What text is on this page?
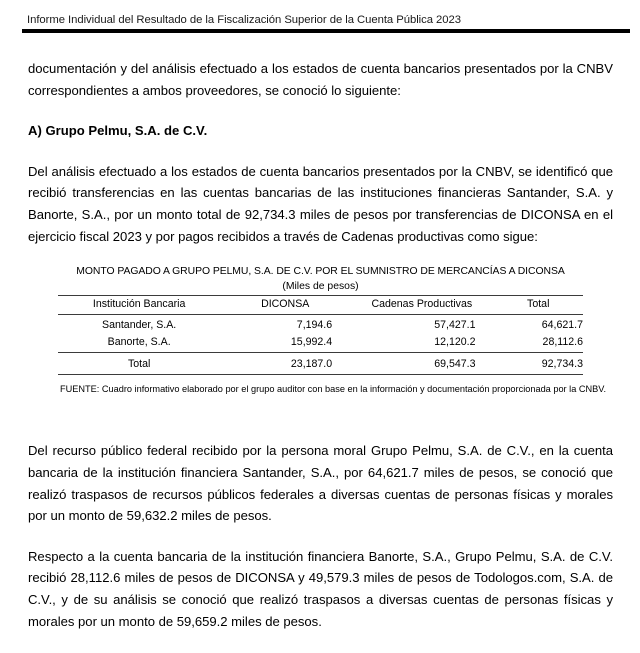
Informe Individual del Resultado de la Fiscalización Superior de la Cuenta Pública 2023

documentación y del análisis efectuado a los estados de cuenta bancarios presentados por la CNBV correspondientes a ambos proveedores, se conoció lo siguiente:

A) Grupo Pelmu, S.A. de C.V.

Del análisis efectuado a los estados de cuenta bancarios presentados por la CNBV, se identificó que recibió transferencias en las cuentas bancarias de las instituciones financieras Santander, S.A. y Banorte, S.A., por un monto total de 92,734.3 miles de pesos por transferencias de DICONSA en el ejercicio fiscal 2023 y por pagos recibidos a través de Cadenas productivas como sigue:

MONTO PAGADO A GRUPO PELMU, S.A. DE C.V. POR EL SUMNISTRO DE MERCANCÍAS A DICONSA
(Miles de pesos)
Institución Bancaria	DICONSA	Cadenas Productivas	Total
Santander, S.A.	7,194.6	57,427.1	64,621.7
Banorte, S.A.	15,992.4	12,120.2	28,112.6
Total	23,187.0	69,547.3	92,734.3
FUENTE: Cuadro informativo elaborado por el grupo auditor con base en la información y documentación proporcionada por la CNBV.

Del recurso público federal recibido por la persona moral Grupo Pelmu, S.A. de C.V., en la cuenta bancaria de la institución financiera Santander, S.A., por 64,621.7 miles de pesos, se conoció que realizó traspasos de recursos públicos federales a diversas cuentas de personas físicas y morales por un monto de 59,632.2 miles de pesos.

Respecto a la cuenta bancaria de la institución financiera Banorte, S.A., Grupo Pelmu, S.A. de C.V. recibió 28,112.6 miles de pesos de DICONSA y 49,579.3 miles de pesos de Todologos.com, S.A. de C.V., y de su análisis se conoció que realizó traspasos a diversas cuentas de personas físicas y morales por un monto de 59,659.2 miles de pesos.
